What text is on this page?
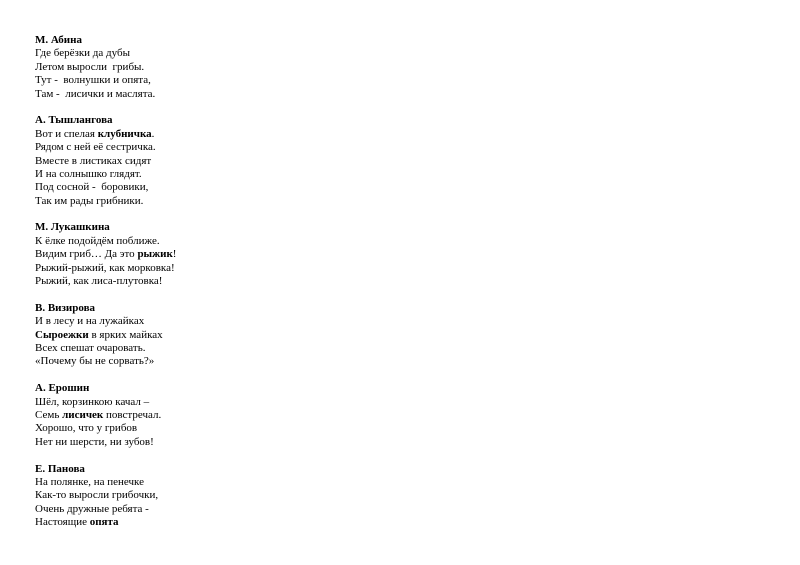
М. Абина
Где берёзки да дубы
Летом выросли  грибы.
Тут -  волнушки и опята,
Там -  лисички и маслята.
А. Тышлангова
Вот и спелая клубничка.
Рядом с ней её сестричка.
Вместе в листиках сидят
И на солнышко глядят.
Под сосной -  боровики,
Так им рады грибники.
М. Лукашкина
К ёлке подойдём поближе.
Видим гриб… Да это рыжик!
Рыжий-рыжий, как морковка!
Рыжий, как лиса-плутовка!
В. Визирова
И в лесу и на лужайках
Сыроежки в ярких майках
Всех спешат очаровать.
«Почему бы не сорвать?»
А. Ерошин
Шёл, корзинкою качал –
Семь лисичек повстречал.
Хорошо, что у грибов
Нет ни шерсти, ни зубов!
Е. Панова
На полянке, на пенечке
Как-то выросли грибочки,
Очень дружные ребята -
Настоящие опята
